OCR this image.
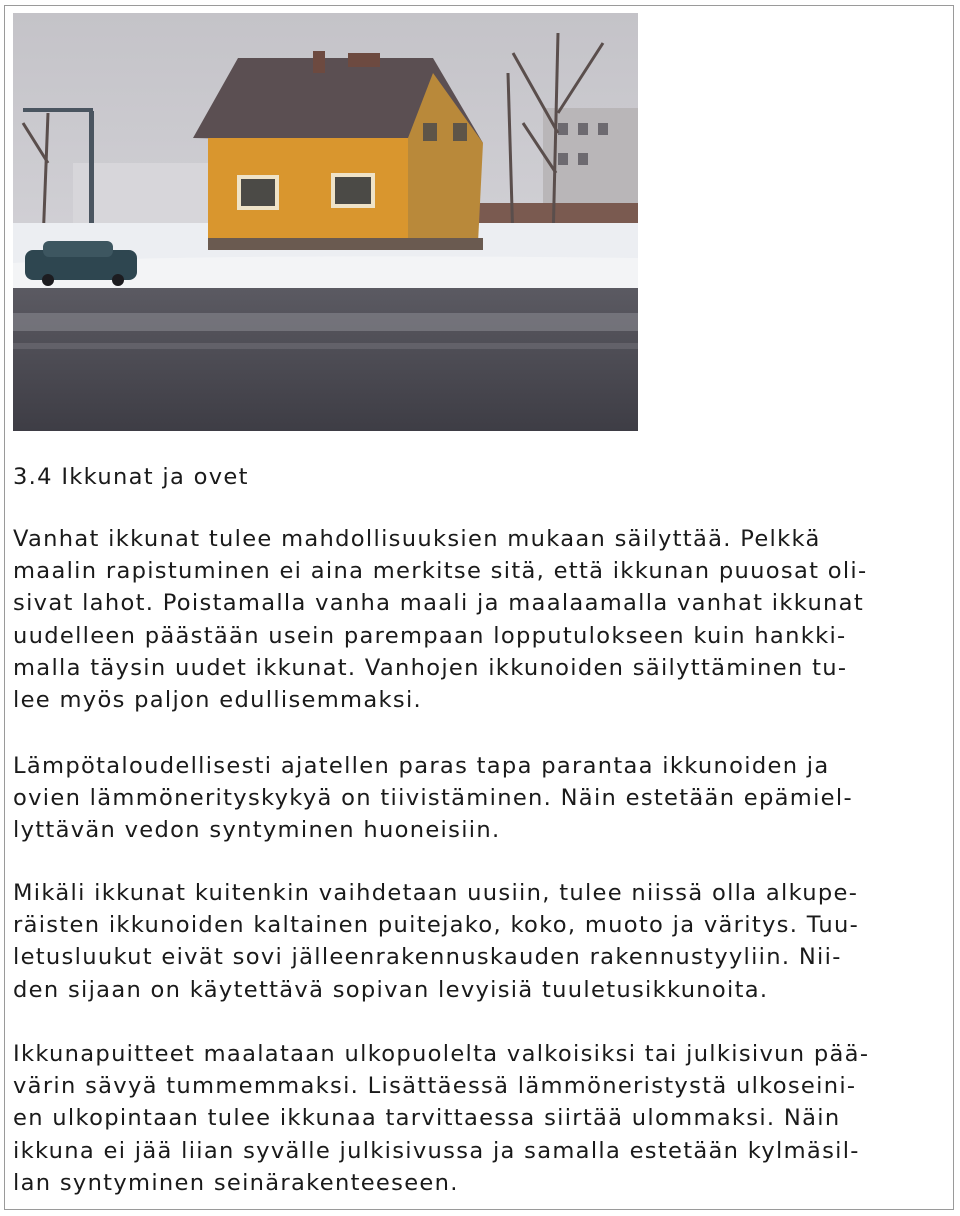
3.4 Ikkunat ja ovet
Vanhat ikkunat tulee mahdollisuuksien mukaan säilyttää. Pelkkä
maalin rapistuminen ei aina merkitse sitä, että ikkunan puuosat oli-
sivat lahot. Poistamalla vanha maali ja maalaamalla vanhat ikkunat
uudelleen päästään usein parempaan lopputulokseen kuin hankki-
malla täysin uudet ikkunat. Vanhojen ikkunoiden säilyttäminen tu-
lee myös paljon edullisemmaksi.
Lämpötaloudellisesti ajatellen paras tapa parantaa ikkunoiden ja
ovien lämmönerityskykyä on tiivistäminen. Näin estetään epämiel-
lyttävän vedon syntyminen huoneisiin.
Mikäli ikkunat kuitenkin vaihdetaan uusiin, tulee niissä olla alkupe-
räisten ikkunoiden kaltainen puitejako, koko, muoto ja väritys. Tuu-
letusluukut eivät sovi jälleenrakennuskauden rakennustyyliin. Nii-
den sijaan on käytettävä sopivan levyisiä tuuletusikkunoita.
Ikkunapuitteet maalataan ulkopuolelta valkoisiksi tai julkisivun pää-
värin sävyä tummemmaksi. Lisättäessä lämmöneristystä ulkoseini-
en ulkopintaan tulee ikkunaa tarvittaessa siirtää ulommaksi. Näin
ikkuna ei jää liian syvälle julkisivussa ja samalla estetään kylmäsil-
lan syntyminen seinärakenteeseen.
